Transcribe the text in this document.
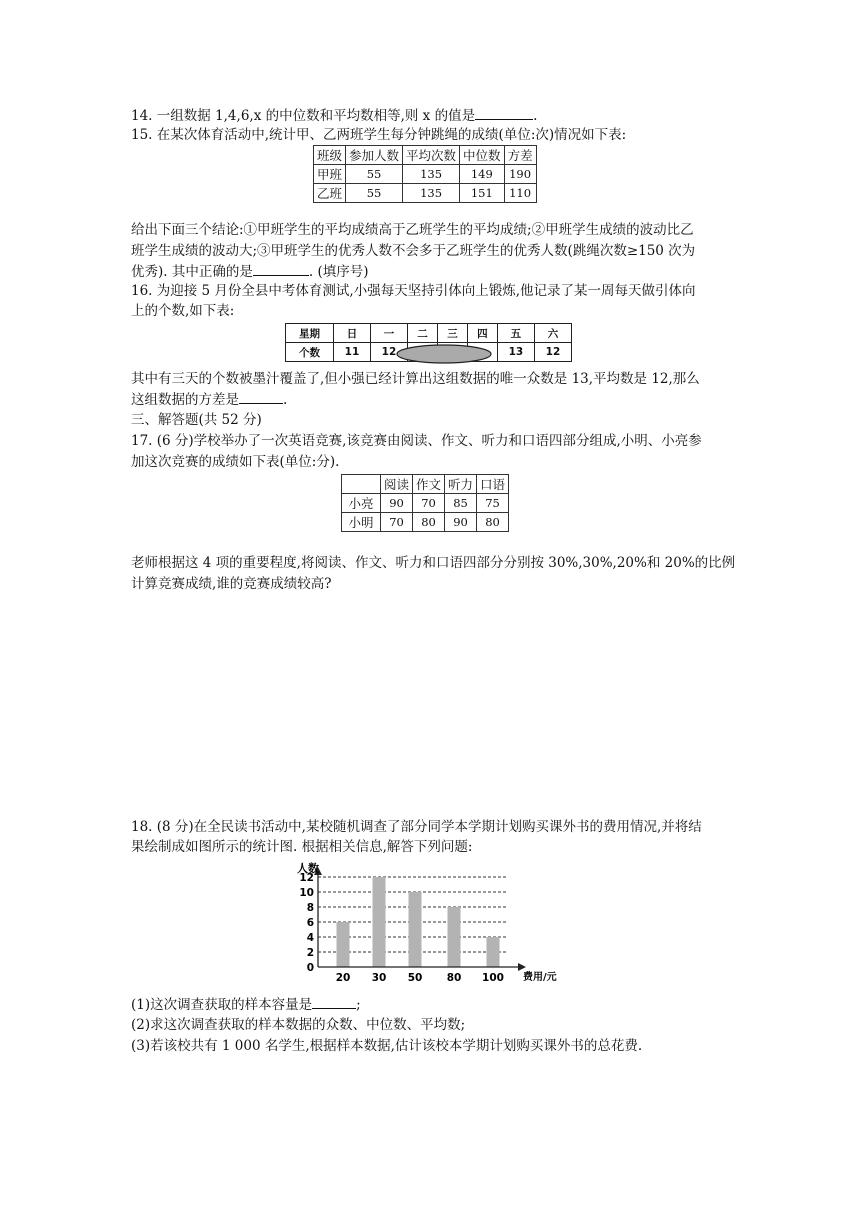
14. 一组数据 1,4,6,x 的中位数和平均数相等,则 x 的值是	.
15. 在某次体育活动中,统计甲、乙两班学生每分钟跳绳的成绩(单位:次)情况如下表:
班级	参加人数	平均次数	中位数	方差
甲班	55	135	149	190
乙班	55	135	151	110
给出下面三个结论:①甲班学生的平均成绩高于乙班学生的平均成绩;②甲班学生成绩的波动比乙
班学生成绩的波动大;③甲班学生的优秀人数不会多于乙班学生的优秀人数(跳绳次数≥150 次为
优秀). 其中正确的是	. (填序号)
16. 为迎接 5 月份全县中考体育测试,小强每天坚持引体向上锻炼,他记录了某一周每天做引体向
上的个数,如下表:
星期	日	一	二	三	四	五	六
个数	11	12				13	12
其中有三天的个数被墨汁覆盖了,但小强已经计算出这组数据的唯一众数是 13,平均数是 12,那么
这组数据的方差是	.
三、解答题(共 52 分)
17. (6 分)学校举办了一次英语竞赛,该竞赛由阅读、作文、听力和口语四部分组成,小明、小亮参
加这次竞赛的成绩如下表(单位:分).
	阅读	作文	听力	口语
小亮	90	70	85	75
小明	70	80	90	80
老师根据这 4 项的重要程度,将阅读、作文、听力和口语四部分分别按 30%,30%,20%和 20%的比例
计算竞赛成绩,谁的竞赛成绩较高?
18. (8 分)在全民读书活动中,某校随机调查了部分同学本学期计划购买课外书的费用情况,并将结
果绘制成如图所示的统计图. 根据相关信息,解答下列问题:
0
2
4
6
8
10
12
20 30 50 80 100
人数
费用/元
(1)这次调查获取的样本容量是	;
(2)求这次调查获取的样本数据的众数、中位数、平均数;
(3)若该校共有 1 000 名学生,根据样本数据,估计该校本学期计划购买课外书的总花费.
